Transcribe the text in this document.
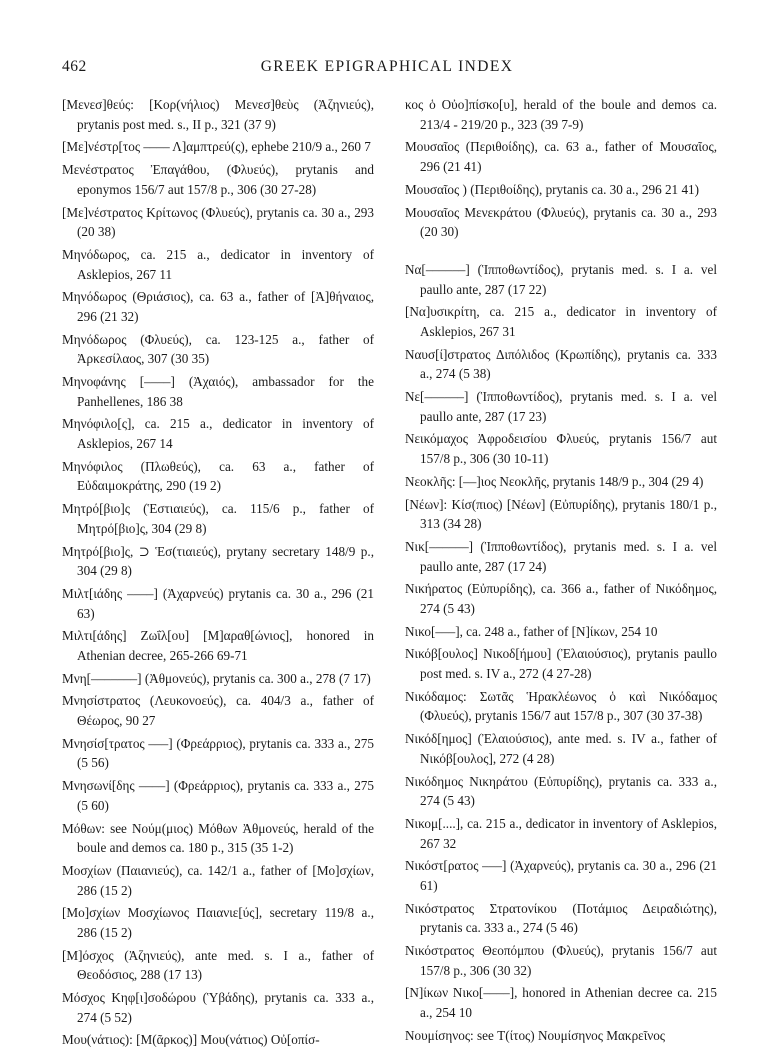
462	GREEK EPIGRAPHICAL INDEX

[Μενεσ]θεύς: [Κορ(νήλιος) Μενεσ]θεὺς (Ἀζηνιεύς), prytanis post med. s., II p., 321 (37 9)

[Με]νέστρ[τος –––– Λ]αμπτρεύ(ς), ephebe 210/9 a., 260 7

Μενέστρατος Ἐπαγάθου, (Φλυεύς), prytanis and eponymos 156/7 aut 157/8 p., 306 (30 27-28)

[Με]νέστρατος Κρίτωνος (Φλυεύς), prytanis ca. 30 a., 293 (20 38)

Μηνόδωρος, ca. 215 a., dedicator in inventory of Asklepios, 267 11

Μηνόδωρος (Θριάσιος), ca. 63 a., father of [Ἀ]θήναιος, 296 (21 32)

Μηνόδωρος (Φλυεύς), ca. 123-125 a., father of Ἀρκεσίλαος, 307 (30 35)

Μηνοφάνης [––––] (Ἀχαιός), ambassador for the Panhellenes, 186 38

Μηνόφιλο[ς], ca. 215 a., dedicator in inventory of Asklepios, 267 14

Μηνόφιλος (Πλωθεύς), ca. 63 a., father of Εὐδαιμοκράτης, 290 (19 2)

Μητρό[βιο]ς (Ἑστιαιεύς), ca. 115/6 p., father of Μητρό[βιο]ς, 304 (29 8)

Μητρό[βιο]ς, ⊃ Ἑσ(τιαιεύς), prytany secretary 148/9 p., 304 (29 8)

Μιλτ[ιάδης ––––] (Ἀχαρνεύς) prytanis ca. 30 a., 296 (21 63)

Μιλτι[άδης] Ζωΐλ[ου] [Μ]αραθ[ώνιος], honored in Athenian decree, 265-266 69-71

Μνη[–––––––] (Ἀθμονεύς), prytanis ca. 300 a., 278 (7 17)

Μνησίστρατος (Λευκονοεύς), ca. 404/3 a., father of Θέωρος, 90 27

Μνησίσ[τρατος –––] (Φρεάρριος), prytanis ca. 333 a., 275 (5 56)

Μνησωνί[δης ––––] (Φρεάρριος), prytanis ca. 333 a., 275 (5 60)

Μόθων: see Νούμ(μιος) Μόθων Ἀθμονεύς, herald of the boule and demos ca. 180 p., 315 (35 1-2)

Μοσχίων (Παιανιεύς), ca. 142/1 a., father of [Μο]σχίων, 286 (15 2)

[Μο]σχίων Μοσχίωνος Παιανιε[ύς], secretary 119/8 a., 286 (15 2)

[Μ]όσχος (Ἀζηνιεύς), ante med. s. I a., father of Θεοδόσιος, 288 (17 13)

Μόσχος Κηφ[ι]σοδώρου (Ὑβάδης), prytanis ca. 333 a., 274 (5 52)

Μου(νάτιος): [Μ(ᾶρκος)] Μου(νάτιος) Οὐ[οπίσ-

κος ὁ Οὐο]πίσκο[υ], herald of the boule and demos ca. 213/4 - 219/20 p., 323 (39 7-9)

Μουσαῖος (Περιθοίδης), ca. 63 a., father of Μουσαῖος, 296 (21 41)

Μουσαῖος ) (Περιθοίδης), prytanis ca. 30 a., 296 21 41)

Μουσαῖος Μενεκράτου (Φλυεύς), prytanis ca. 30 a., 293 (20 30)

Να[––––––] (Ἱπποθωντίδος), prytanis med. s. I a. vel paullo ante, 287 (17 22)

[Να]υσικρίτη, ca. 215 a., dedicator in inventory of Asklepios, 267 31

Ναυσ[ί]στρατος Διπόλιδος (Κρωπίδης), prytanis ca. 333 a., 274 (5 38)

Νε[––––––] (Ἱπποθωντίδος), prytanis med. s. I a. vel paullo ante, 287 (17 23)

Νεικόμαχος Ἀφροδεισίου Φλυεύς, prytanis 156/7 aut 157/8 p., 306 (30 10-11)

Νεοκλῆς: [––]ιος Νεοκλῆς, prytanis 148/9 p., 304 (29 4)

[Νέων]: Κίσ(πιος) [Νέων] (Εὐπυρίδης), prytanis 180/1 p., 313 (34 28)

Νικ[––––––] (Ἱπποθωντίδος), prytanis med. s. I a. vel paullo ante, 287 (17 24)

Νικήρατος (Εὐπυρίδης), ca. 366 a., father of Νικόδημος, 274 (5 43)

Νικο[–––], ca. 248 a., father of [Ν]ίκων, 254 10

Νικόβ[ουλος] Νικοδ[ήμου] (Ἐλαιούσιος), prytanis paullo post med. s. IV a., 272 (4 27-28)

Νικόδαμος: Σωτᾶς Ἡρακλέωνος ὁ καὶ Νικόδαμος (Φλυεύς), prytanis 156/7 aut 157/8 p., 307 (30 37-38)

Νικόδ[ημος] (Ἐλαιούσιος), ante med. s. IV a., father of Νικόβ[ουλος], 272 (4 28)

Νικόδημος Νικηράτου (Εὐπυρίδης), prytanis ca. 333 a., 274 (5 43)

Νικομ[....], ca. 215 a., dedicator in inventory of Asklepios, 267 32

Νικόστ[ρατος –––] (Ἀχαρνεύς), prytanis ca. 30 a., 296 (21 61)

Νικόστρατος Στρατονίκου (Ποτάμιος Δειραδιώτης), prytanis ca. 333 a., 274 (5 46)

Νικόστρατος Θεοπόμπου (Φλυεύς), prytanis 156/7 aut 157/8 p., 306 (30 32)

[Ν]ίκων Νικο[––––], honored in Athenian decree ca. 215 a., 254 10

Νουμίσηνος: see Τ(ίτος) Νουμίσηνος Μακρεῖνος
